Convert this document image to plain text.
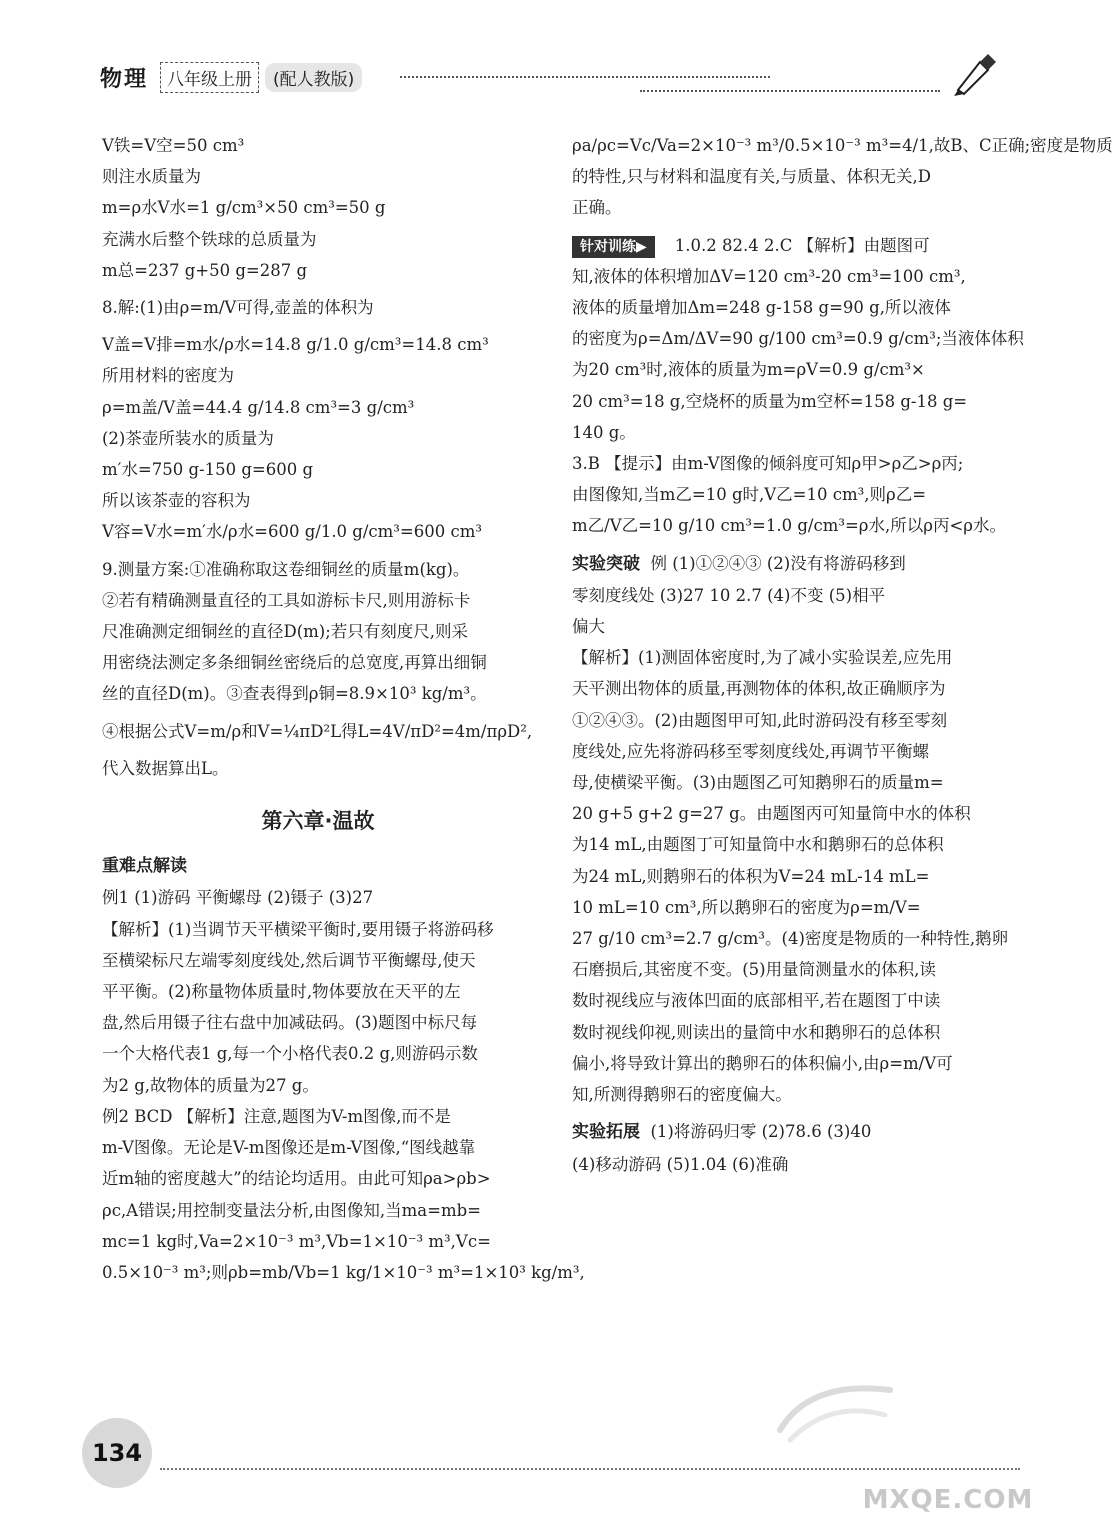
物理	八年级上册	(配人教版)
V铁=V空=50 cm³
则注水质量为
m=ρ水V水=1 g/cm³×50 cm³=50 g
充满水后整个铁球的总质量为
m总=237 g+50 g=287 g
8.解:(1)由ρ=m/V可得,壶盖的体积为
V盖=V排=m水/ρ水=14.8 g/1.0 g/cm³=14.8 cm³
所用材料的密度为
ρ=m盖/V盖=44.4 g/14.8 cm³=3 g/cm³
(2)茶壶所装水的质量为
m′水=750 g-150 g=600 g
所以该茶壶的容积为
V容=V水=m′水/ρ水=600 g/1.0 g/cm³=600 cm³
9.测量方案:①准确称取这卷细铜丝的质量m(kg)。
②若有精确测量直径的工具如游标卡尺,则用游标卡
尺准确测定细铜丝的直径D(m);若只有刻度尺,则采
用密绕法测定多条细铜丝密绕后的总宽度,再算出细铜
丝的直径D(m)。③查表得到ρ铜=8.9×10³ kg/m³。
④根据公式V=m/ρ和V=¼πD²L得L=4V/πD²=4m/πρD²,
代入数据算出L。
第六章·温故
重难点解读
例1 (1)游码 平衡螺母 (2)镊子 (3)27
【解析】(1)当调节天平横梁平衡时,要用镊子将游码移
至横梁标尺左端零刻度线处,然后调节平衡螺母,使天
平平衡。(2)称量物体质量时,物体要放在天平的左
盘,然后用镊子往右盘中加减砝码。(3)题图中标尺每
一个大格代表1 g,每一个小格代表0.2 g,则游码示数
为2 g,故物体的质量为27 g。
例2 BCD 【解析】注意,题图为V-m图像,而不是
m-V图像。无论是V-m图像还是m-V图像,“图线越靠
近m轴的密度越大”的结论均适用。由此可知ρa>ρb>
ρc,A错误;用控制变量法分析,由图像知,当ma=mb=
mc=1 kg时,Va=2×10⁻³ m³,Vb=1×10⁻³ m³,Vc=
0.5×10⁻³ m³;则ρb=mb/Vb=1 kg/1×10⁻³ m³=1×10³ kg/m³,
ρa/ρc=Vc/Va=2×10⁻³ m³/0.5×10⁻³ m³=4/1,故B、C正确;密度是物质
的特性,只与材料和温度有关,与质量、体积无关,D
正确。
针对训练▶ 1.0.2 82.4 2.C 【解析】由题图可
知,液体的体积增加ΔV=120 cm³-20 cm³=100 cm³,
液体的质量增加Δm=248 g-158 g=90 g,所以液体
的密度为ρ=Δm/ΔV=90 g/100 cm³=0.9 g/cm³;当液体体积
为20 cm³时,液体的质量为m=ρV=0.9 g/cm³×
20 cm³=18 g,空烧杯的质量为m空杯=158 g-18 g=
140 g。
3.B 【提示】由m-V图像的倾斜度可知ρ甲>ρ乙>ρ丙;
由图像知,当m乙=10 g时,V乙=10 cm³,则ρ乙=
m乙/V乙=10 g/10 cm³=1.0 g/cm³=ρ水,所以ρ丙<ρ水。
实验突破 例 (1)①②④③ (2)没有将游码移到
零刻度线处 (3)27 10 2.7 (4)不变 (5)相平
偏大
【解析】(1)测固体密度时,为了减小实验误差,应先用
天平测出物体的质量,再测物体的体积,故正确顺序为
①②④③。(2)由题图甲可知,此时游码没有移至零刻
度线处,应先将游码移至零刻度线处,再调节平衡螺
母,使横梁平衡。(3)由题图乙可知鹅卵石的质量m=
20 g+5 g+2 g=27 g。由题图丙可知量筒中水的体积
为14 mL,由题图丁可知量筒中水和鹅卵石的总体积
为24 mL,则鹅卵石的体积为V=24 mL-14 mL=
10 mL=10 cm³,所以鹅卵石的密度为ρ=m/V=
27 g/10 cm³=2.7 g/cm³。(4)密度是物质的一种特性,鹅卵
石磨损后,其密度不变。(5)用量筒测量水的体积,读
数时视线应与液体凹面的底部相平,若在题图丁中读
数时视线仰视,则读出的量筒中水和鹅卵石的总体积
偏小,将导致计算出的鹅卵石的体积偏小,由ρ=m/V可
知,所测得鹅卵石的密度偏大。
实验拓展 (1)将游码归零 (2)78.6 (3)40
(4)移动游码 (5)1.04 (6)准确
134
MXQE.COM
